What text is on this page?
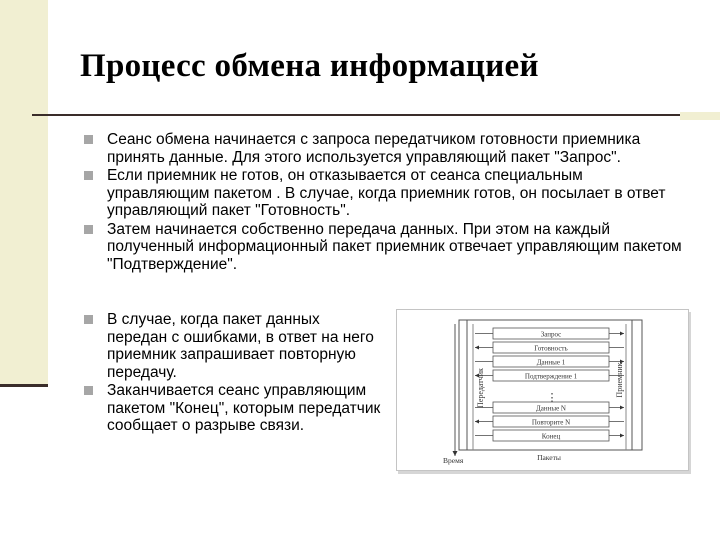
Процесс обмена информацией
Сеанс обмена начинается с запроса передатчиком готовности приемника принять данные. Для этого используется управляющий пакет "Запрос".
Если приемник не готов, он отказывается от сеанса специальным управляющим пакетом . В случае, когда приемник готов, он посылает в ответ управляющий пакет "Готовность".
Затем начинается собственно передача данных. При этом на каждый полученный информационный пакет приемник отвечает управляющим пакетом "Подтверждение".
В случае, когда пакет данных передан с ошибками, в ответ на него приемник запрашивает повторную передачу.
Заканчивается сеанс управляющим пакетом "Конец", которым передатчик сообщает о разрыве связи.
Передатчик	Приемник
Запрос
Готовность
Данные 1
Подтверждение 1
Данные N
Повторите N
Конец
⋮
Время	Пакеты
